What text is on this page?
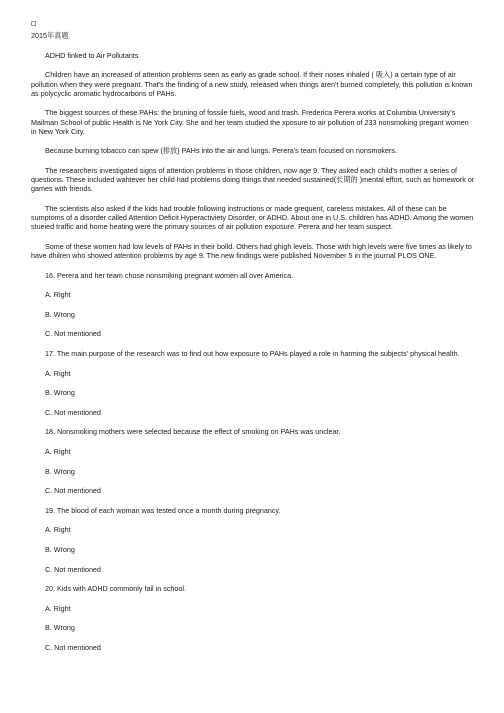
2015年真题

ADHD finked to Air Pollutants

Children have an increased of attention problems seen as early as grade school. If their noses inhaled ( 吸入) a certain type of air pollution when they were pregnant. That's the finding of a new study, released when things aren't burned completely, this pollution is known as polycyclic aromatic hydrocarbons of PAHs.

The biggest sources of these PAHs: the bruning of fossile fuels, wood and trash. Frederica Perera works at Columbia University's Mailman School of public Health is Ne York City. She and her team studied the xposure to air pollution of 233 nonsmoking pregant women in New York City.

Because burning tobacco can spew (排放) PAHs into the air and lungs. Perera's team focused on nonsmokers.

The researchers investigated signs of attention problems in those children, now age 9. They asked each child's mother a series of questions. These included wahtever her child had problems doing things that needed sustained(长期的 )mental effort, such as homework or games with friends.

The scientists also asked if the kids had trouble following instructions or made grequent, careless mistakes. All of these can be sumptoms of a disorder called Attention Deficit Hyperactiviety Disorder, or ADHD. About one in U.S. children has ADHD. Among the women stueied traffic and home heating were the primary sources of air pollution exposure. Perera and her team suspect.

Some of these women had low levels of PAHs in their bolld. Others had ghigh levels. Those with high levels were five times as likely to have dhilren who showed attention problems by age 9. The new findings were published November 5 in the journal PLOS ONE.

16. Perera and her team chose nonsmiking pregnant women all over America.

A. Right

B. Wrong

C. Not mentioned

17. The main purpose of the research was to find out how exposure to PAHs played a role in harming the subjects' physical health.

A. Right

B. Wrong

C. Not mentioned

18. Nonsmoking mothers were selected because the effect of smoking on PAHs was unclear.

A. Right

B. Wrong

C. Not mentioned

19. The blood of each woman was tested once a month during pregnancy.

A. Right

B. Wrong

C. Not mentioned

20. Kids with ADHD commonly fail in school.

A. Right

B. Wrong

C. Not mentioned
